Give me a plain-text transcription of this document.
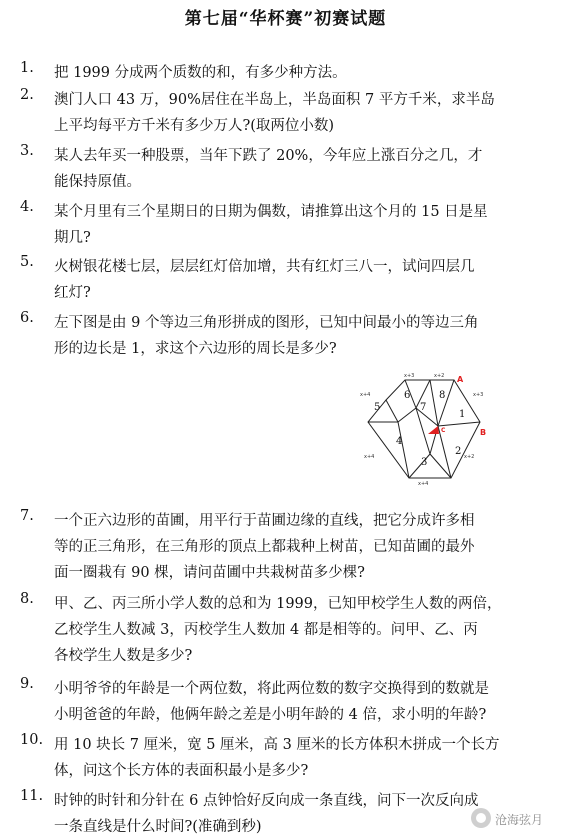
第七届“华杯赛”初赛试题
1.	把 1999 分成两个质数的和，有多少种方法。
2.	澳门人口 43 万，90%居住在半岛上，半岛面积 7 平方千米，求半岛
上平均每平方千米有多少万人?(取两位小数)
3.	某人去年买一种股票，当年下跌了 20%，今年应上涨百分之几，才
能保持原值。
4.	某个月里有三个星期日的日期为偶数，请推算出这个月的 15 日是星
期几?
5.	火树银花楼七层，层层红灯倍加增，共有红灯三八一，试问四层几
红灯?
6.	左下图是由 9 个等边三角形拼成的图形，已知中间最小的等边三角
形的边长是 1，求这个六边形的周长是多少?
1
2
3
4
5
6
7
8
A
B
C
x+4
x+3	x+2
x+2
x+4
x+4
x+3
7.	一个正六边形的苗圃，用平行于苗圃边缘的直线，把它分成许多相
等的正三角形，在三角形的顶点上都栽种上树苗，已知苗圃的最外
面一圈栽有 90 棵，请问苗圃中共栽树苗多少棵?
8.	甲、乙、丙三所小学人数的总和为 1999，已知甲校学生人数的两倍，
乙校学生人数减 3，丙校学生人数加 4 都是相等的。问甲、乙、丙
各校学生人数是多少?
9.	小明爷爷的年龄是一个两位数，将此两位数的数字交换得到的数就是
小明爸爸的年龄，他俩年龄之差是小明年龄的 4 倍，求小明的年龄?
10. 用 10 块长 7 厘米，宽 5 厘米，高 3 厘米的长方体积木拼成一个长方
体，问这个长方体的表面积最小是多少?
11. 时钟的时针和分针在 6 点钟恰好反向成一条直线，问下一次反向成
一条直线是什么时间?(准确到秒)	沧海弦月
